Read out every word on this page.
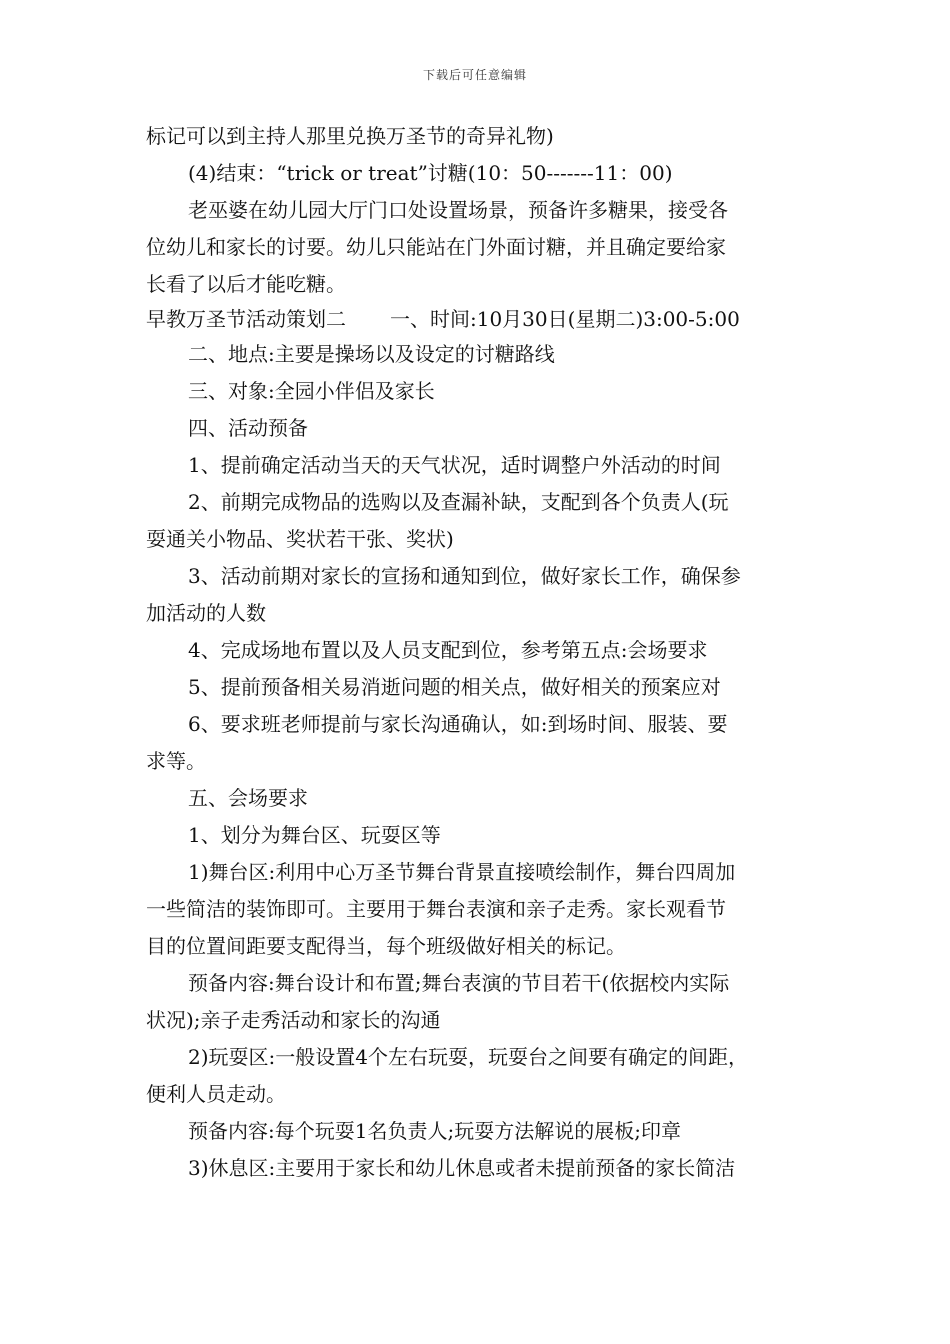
下载后可任意编辑
标记可以到主持人那里兑换万圣节的奇异礼物)
(4)结束：“trick or treat”讨糖(10：50-------11：00)
老巫婆在幼儿园大厅门口处设置场景，预备许多糖果，接受各
位幼儿和家长的讨要。幼儿只能站在门外面讨糖，并且确定要给家
长看了以后才能吃糖。
早教万圣节活动策划二 一、时间:10月30日(星期二)3:00-5:00
二、地点:主要是操场以及设定的讨糖路线
三、对象:全园小伴侣及家长
四、活动预备
1、提前确定活动当天的天气状况，适时调整户外活动的时间
2、前期完成物品的选购以及查漏补缺，支配到各个负责人(玩
耍通关小物品、奖状若干张、奖状)
3、活动前期对家长的宣扬和通知到位，做好家长工作，确保参
加活动的人数
4、完成场地布置以及人员支配到位，参考第五点:会场要求
5、提前预备相关易消逝问题的相关点，做好相关的预案应对
6、要求班老师提前与家长沟通确认，如:到场时间、服装、要
求等。
五、会场要求
1、划分为舞台区、玩耍区等
1)舞台区:利用中心万圣节舞台背景直接喷绘制作，舞台四周加
一些简洁的装饰即可。主要用于舞台表演和亲子走秀。家长观看节
目的位置间距要支配得当，每个班级做好相关的标记。
预备内容:舞台设计和布置;舞台表演的节目若干(依据校内实际
状况);亲子走秀活动和家长的沟通
2)玩耍区:一般设置4个左右玩耍，玩耍台之间要有确定的间距，
便利人员走动。
预备内容:每个玩耍1名负责人;玩耍方法解说的展板;印章
3)休息区:主要用于家长和幼儿休息或者未提前预备的家长简洁
